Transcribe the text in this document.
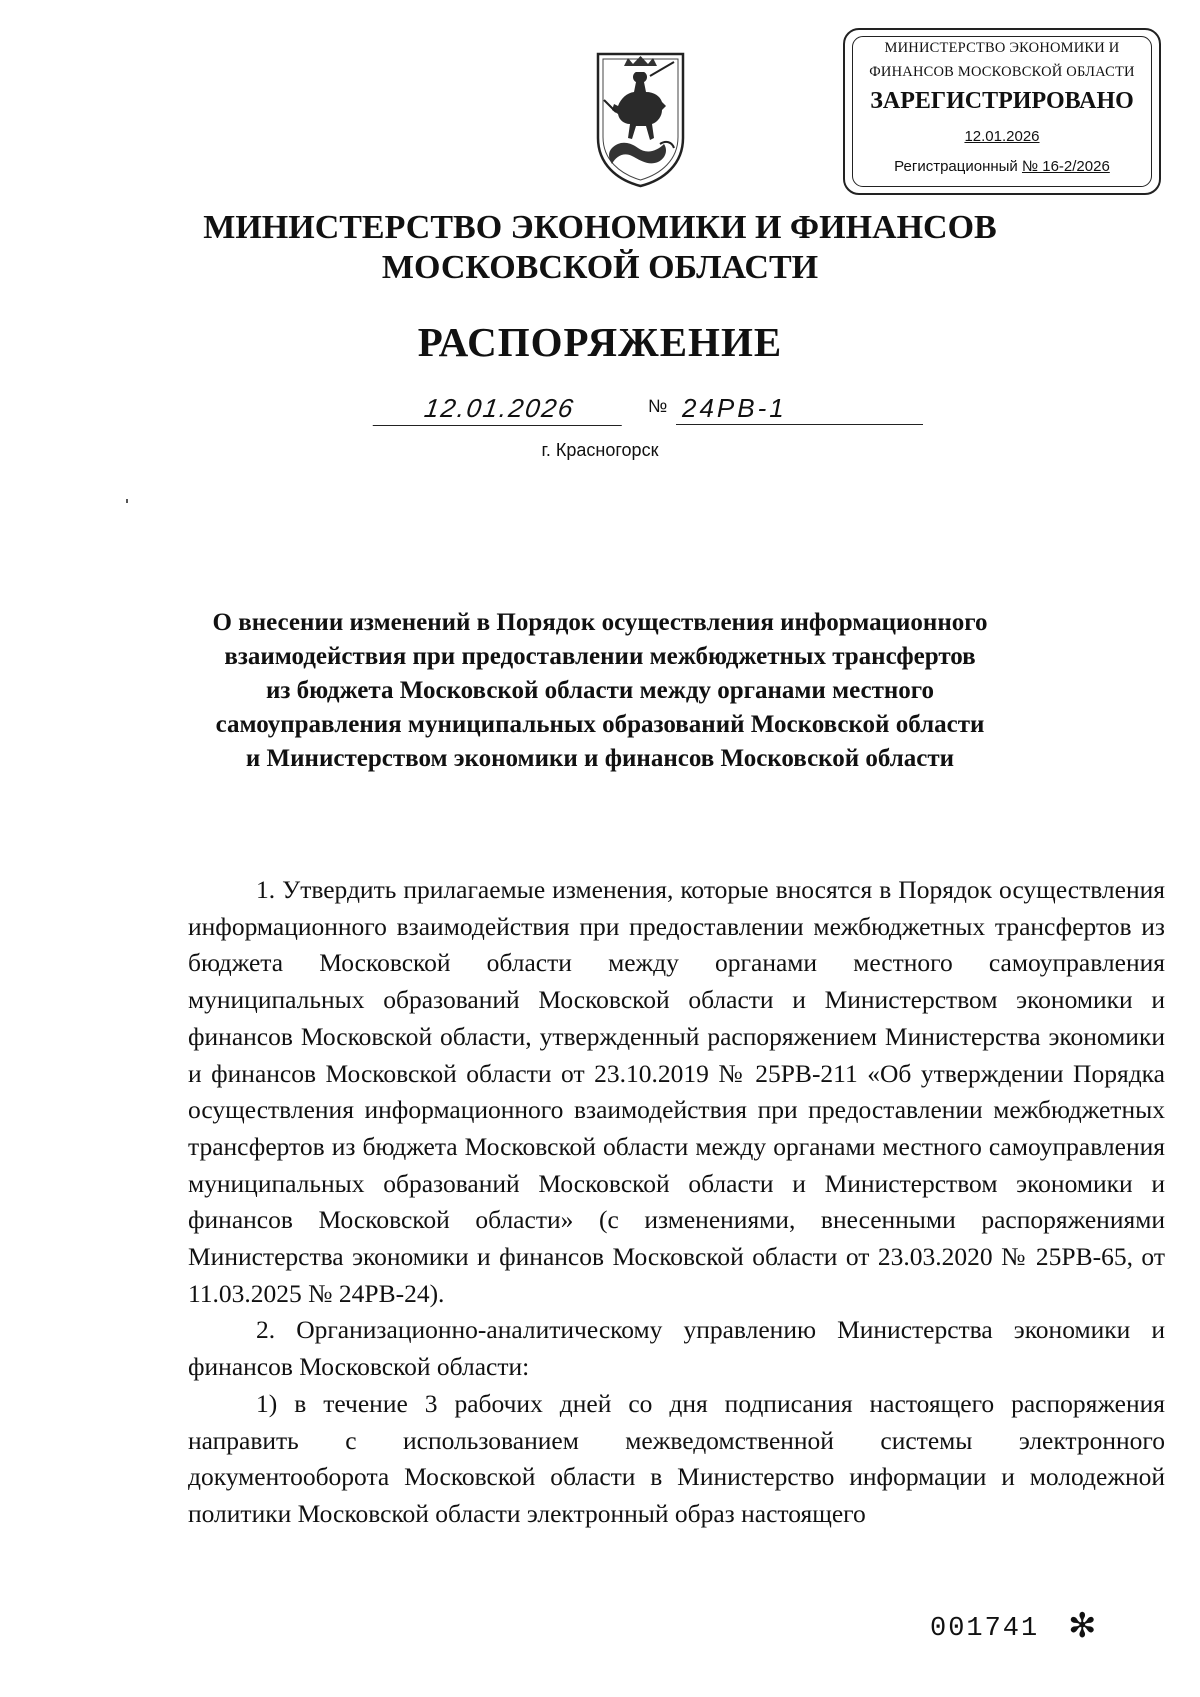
МИНИСТЕРСТВО ЭКОНОМИКИ И
ФИНАНСОВ МОСКОВСКОЙ ОБЛАСТИ
ЗАРЕГИСТРИРОВАНО
12.01.2026
Регистрационный № 16-2/2026
МИНИСТЕРСТВО ЭКОНОМИКИ И ФИНАНСОВ
МОСКОВСКОЙ ОБЛАСТИ
РАСПОРЯЖЕНИЕ
12.01.2026	№ 24РВ-1
г. Красногорск
О внесении изменений в Порядок осуществления информационного
взаимодействия при предоставлении межбюджетных трансфертов
из бюджета Московской области между органами местного
самоуправления муниципальных образований Московской области
и Министерством экономики и финансов Московской области

1. Утвердить прилагаемые изменения, которые вносятся в Порядок осуществления информационного взаимодействия при предоставлении межбюджетных трансфертов из бюджета Московской области между органами местного самоуправления муниципальных образований Московской области и Министерством экономики и финансов Московской области, утвержденный распоряжением Министерства экономики и финансов Московской области от 23.10.2019 № 25РВ-211 «Об утверждении Порядка осуществления информационного взаимодействия при предоставлении межбюджетных трансфертов из бюджета Московской области между органами местного самоуправления муниципальных образований Московской области и Министерством экономики и финансов Московской области» (с изменениями, внесенными распоряжениями Министерства экономики и финансов Московской области от 23.03.2020 № 25РВ-65, от 11.03.2025 № 24РВ-24).

2. Организационно-аналитическому управлению Министерства экономики и финансов Московской области:

1) в течение 3 рабочих дней со дня подписания настоящего распоряжения направить с использованием межведомственной системы электронного документооборота Московской области в Министерство информации и молодежной политики Московской области электронный образ настоящего

001741 ✻
